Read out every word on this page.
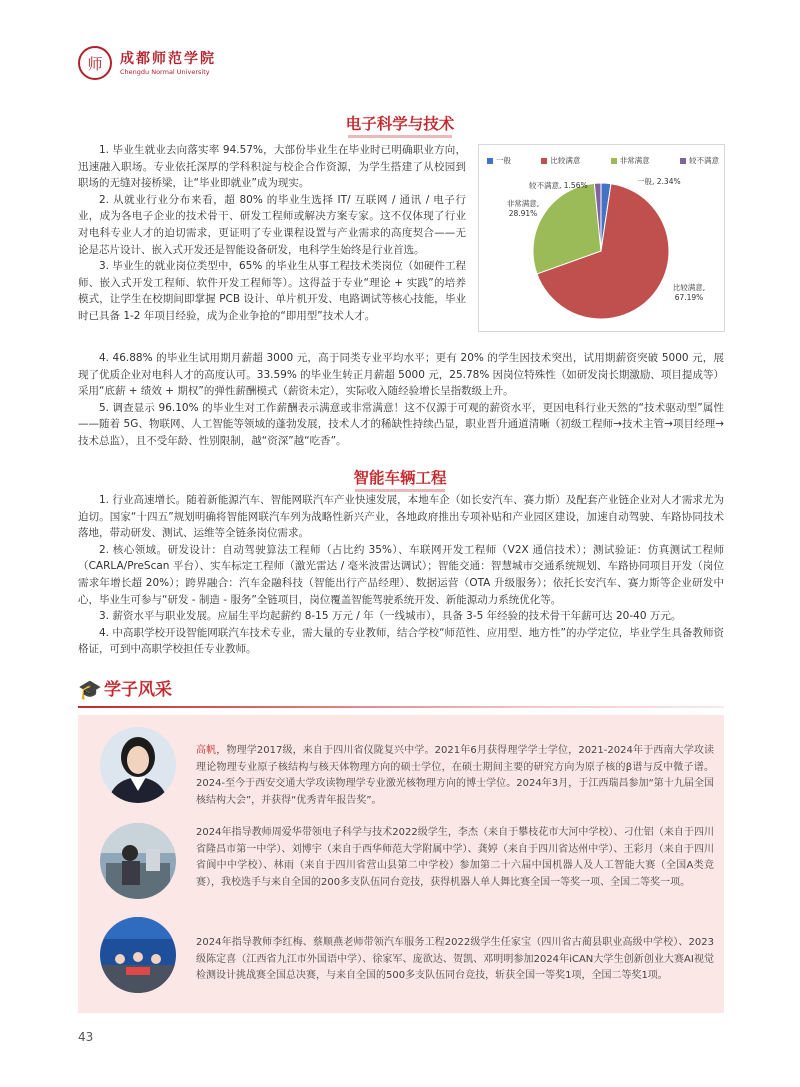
师 成都师范学院
Chengdu Normal University
电子科学与技术

1. 毕业生就业去向落实率 94.57%，大部份毕业生在毕业时已明确职业方向，迅速融入职场。专业依托深厚的学科积淀与校企合作资源，为学生搭建了从校园到职场的无缝对接桥梁，让“毕业即就业”成为现实。

2. 从就业行业分布来看，超 80% 的毕业生选择 IT/ 互联网 / 通讯 / 电子行业，成为各电子企业的技术骨干、研发工程师或解决方案专家。这不仅体现了行业对电科专业人才的迫切需求，更证明了专业课程设置与产业需求的高度契合——无论是芯片设计、嵌入式开发还是智能设备研发，电科学生始终是行业首选。

3. 毕业生的就业岗位类型中，65% 的毕业生从事工程技术类岗位（如硬件工程师、嵌入式开发工程师、软件开发工程师等）。这得益于专业“理论 + 实践”的培养模式，让学生在校期间即掌握 PCB 设计、单片机开发、电路调试等核心技能，毕业时已具备 1-2 年项目经验，成为企业争抢的“即用型”技术人才。

一般	比较满意	非常满意	较不满意
一般, 2.34%
较不满意, 1.56%
非常满意,
28.91%
比较满意,
67.19%

4. 46.88% 的毕业生试用期月薪超 3000 元，高于同类专业平均水平；更有 20% 的学生因技术突出，试用期薪资突破 5000 元，展现了优质企业对电科人才的高度认可。33.59% 的毕业生转正月薪超 5000 元，25.78% 因岗位特殊性（如研发岗长期激励、项目提成等）采用“底薪 + 绩效 + 期权”的弹性薪酬模式（薪资未定），实际收入随经验增长呈指数级上升。

5. 调查显示 96.10% 的毕业生对工作薪酬表示满意或非常满意！这不仅源于可观的薪资水平，更因电科行业天然的“技术驱动型”属性——随着 5G、物联网、人工智能等领域的蓬勃发展，技术人才的稀缺性持续凸显，职业晋升通道清晰（初级工程师→技术主管→项目经理→技术总监），且不受年龄、性别限制，越“资深”越“吃香”。

智能车辆工程

1. 行业高速增长。随着新能源汽车、智能网联汽车产业快速发展，本地车企（如长安汽车、赛力斯）及配套产业链企业对人才需求尤为迫切。国家“十四五”规划明确将智能网联汽车列为战略性新兴产业，各地政府推出专项补贴和产业园区建设，加速自动驾驶、车路协同技术落地，带动研发、测试、运维等全链条岗位需求。

2. 核心领域。研发设计：自动驾驶算法工程师（占比约 35%）、车联网开发工程师（V2X 通信技术）；测试验证：仿真测试工程师（CARLA/PreScan 平台）、实车标定工程师（激光雷达 / 毫米波雷达调试）；智能交通：智慧城市交通系统规划、车路协同项目开发（岗位需求年增长超 20%）；跨界融合：汽车金融科技（智能出行产品经理）、数据运营（OTA 升级服务）；依托长安汽车、赛力斯等企业研发中心，毕业生可参与“研发 - 制造 - 服务”全链项目，岗位覆盖智能驾驶系统开发、新能源动力系统优化等。

3. 薪资水平与职业发展。应届生平均起薪约 8-15 万元 / 年（一线城市），具备 3-5 年经验的技术骨干年薪可达 20-40 万元。

4. 中高职学校开设智能网联汽车技术专业，需大量的专业教师，结合学校“师范性、应用型、地方性”的办学定位，毕业学生具备教师资格证，可到中高职学校担任专业教师。

🎓 学子风采
高帆，物理学2017级，来自于四川省仪陇复兴中学。2021年6月获得理学学士学位，2021-2024年于西南大学攻读理论物理专业原子核结构与核天体物理方向的硕士学位，在硕士期间主要的研究方向为原子核的β谱与反中微子谱。2024-至今于西安交通大学攻读物理学专业激光核物理方向的博士学位。2024年3月，于江西瑞昌参加“第十九届全国核结构大会”，并获得“优秀青年报告奖”。
2024年指导教师周爱华带领电子科学与技术2022级学生，李杰（来自于攀枝花市大河中学校）、刁仕铝（来自于四川省隆昌市第一中学）、刘博宇（来自于西华师范大学附属中学）、龚婷（来自于四川省达州中学）、王彩月（来自于四川省阆中中学校）、林雨（来自于四川省营山县第二中学校）参加第二十六届中国机器人及人工智能大赛（全国A类竞赛），我校选手与来自全国的200多支队伍同台竞技，获得机器人单人舞比赛全国一等奖一项、全国二等奖一项。
2024年指导教师李红梅、蔡顺燕老师带领汽车服务工程2022级学生任家宝（四川省古蔺县职业高级中学校）、2023级陈定喜（江西省九江市外国语中学）、徐家军、庞欲达、贺凯、邓明明参加2024年iCAN大学生创新创业大赛AI视觉检测设计挑战赛全国总决赛，与来自全国的500多支队伍同台竞技，斩获全国一等奖1项，全国二等奖1项。
43
